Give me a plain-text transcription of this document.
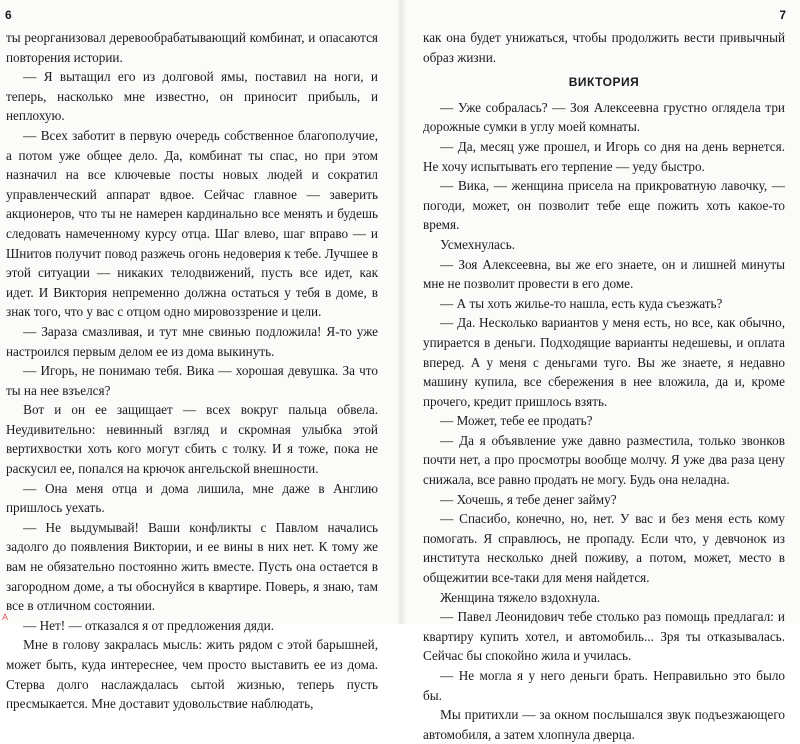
6

ты реорганизовал деревообрабатывающий комбинат, и опасаются повторения истории.

— Я вытащил его из долговой ямы, поставил на ноги, и теперь, насколько мне известно, он приносит прибыль, и неплохую.

— Всех заботит в первую очередь собственное благополучие, а потом уже общее дело. Да, комбинат ты спас, но при этом назначил на все ключевые посты новых людей и сократил управленческий аппарат вдвое. Сейчас главное — заверить акционеров, что ты не намерен кардинально все менять и будешь следовать намеченному курсу отца. Шаг влево, шаг вправо — и Шнитов получит повод разжечь огонь недоверия к тебе. Лучшее в этой ситуации — никаких телодвижений, пусть все идет, как идет. И Виктория непременно должна остаться у тебя в доме, в знак того, что у вас с отцом одно мировоззрение и цели.

— Зараза смазливая, и тут мне свинью подложила! Я-то уже настроился первым делом ее из дома выкинуть.

— Игорь, не понимаю тебя. Вика — хорошая девушка. За что ты на нее взъелся?

Вот и он ее защищает — всех вокруг пальца обвела. Неудивительно: невинный взгляд и скромная улыбка этой вертихвостки хоть кого могут сбить с толку. И я тоже, пока не раскусил ее, попался на крючок ангельской внешности.

— Она меня отца и дома лишила, мне даже в Англию пришлось уехать.

— Не выдумывай! Ваши конфликты с Павлом начались задолго до появления Виктории, и ее вины в них нет. К тому же вам не обязательно постоянно жить вместе. Пусть она остается в загородном доме, а ты обоснуйся в квартире. Поверь, я знаю, там все в отличном состоянии.

— Нет! — отказался я от предложения дяди.

Мне в голову закралась мысль: жить рядом с этой барышней, может быть, куда интереснее, чем просто выставить ее из дома. Стерва долго наслаждалась сытой жизнью, теперь пусть пресмыкается. Мне доставит удовольствие наблюдать,

7

как она будет унижаться, чтобы продолжить вести привычный образ жизни.

ВИКТОРИЯ

— Уже собралась? — Зоя Алексеевна грустно оглядела три дорожные сумки в углу моей комнаты.

— Да, месяц уже прошел, и Игорь со дня на день вернется. Не хочу испытывать его терпение — уеду быстро.

— Вика, — женщина присела на прикроватную лавочку, — погоди, может, он позволит тебе еще пожить хоть какое-то время.

Усмехнулась.

— Зоя Алексеевна, вы же его знаете, он и лишней минуты мне не позволит провести в его доме.

— А ты хоть жилье-то нашла, есть куда съезжать?

— Да. Несколько вариантов у меня есть, но все, как обычно, упирается в деньги. Подходящие варианты недешевы, и оплата вперед. А у меня с деньгами туго. Вы же знаете, я недавно машину купила, все сбережения в нее вложила, да и, кроме прочего, кредит пришлось взять.

— Может, тебе ее продать?

— Да я объявление уже давно разместила, только звонков почти нет, а про просмотры вообще молчу. Я уже два раза цену снижала, все равно продать не могу. Будь она неладна.

— Хочешь, я тебе денег займу?

— Спасибо, конечно, но, нет. У вас и без меня есть кому помогать. Я справлюсь, не пропаду. Если что, у девчонок из института несколько дней поживу, а потом, может, место в общежитии все-таки для меня найдется.

Женщина тяжело вздохнула.

— Павел Леонидович тебе столько раз помощь предлагал: и квартиру купить хотел, и автомобиль... Зря ты отказывалась. Сейчас бы спокойно жила и училась.

— Не могла я у него деньги брать. Неправильно это было бы.

Мы притихли — за окном послышался звук подъезжающего автомобиля, а затем хлопнула дверца.

А
